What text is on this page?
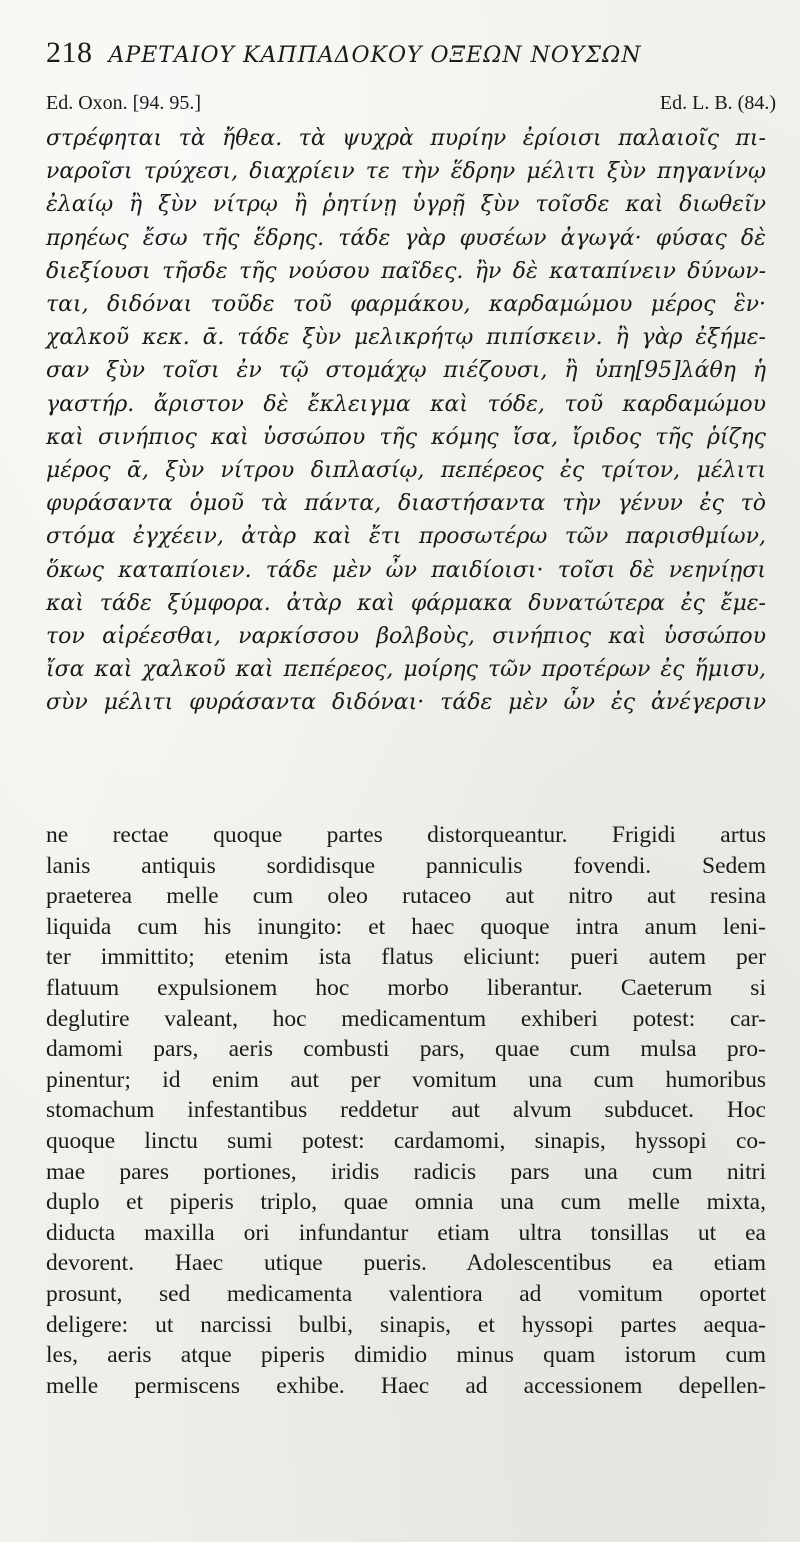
218 ΑΡΕΤΑΙΟΥ ΚΑΠΠΑΔΟΚΟΥ ΟΞΕΩΝ ΝΟΥΣΩΝ
Ed. Oxon. [94. 95.]	Ed. L. B. (84.)
στρέφηται τὰ ἤθεα. τὰ ψυχρὰ πυρίην ἐρίοισι παλαιοῖς πι-
ναροῖσι τρύχεσι, διαχρίειν τε τὴν ἕδρην μέλιτι ξὺν πηγανίνῳ
ἐλαίῳ ἢ ξὺν νίτρῳ ἢ ῥητίνῃ ὑγρῇ ξὺν τοῖσδε καὶ διωθεῖν
πρηέως ἔσω τῆς ἕδρης. τάδε γὰρ φυσέων ἀγωγά· φύσας δὲ
διεξίουσι τῆσδε τῆς νούσου παῖδες. ἢν δὲ καταπίνειν δύνων-
ται, διδόναι τοῦδε τοῦ φαρμάκου, καρδαμώμου μέρος ἓν·
χαλκοῦ κεκ. ᾱ. τάδε ξὺν μελικρήτῳ πιπίσκειν. ἢ γὰρ ἐξήμε-
σαν ξὺν τοῖσι ἐν τῷ στομάχῳ πιέζουσι, ἢ ὑπη[95]λάθη ἡ
γαστήρ. ἄριστον δὲ ἔκλειγμα καὶ τόδε, τοῦ καρδαμώμου
καὶ σινήπιος καὶ ὑσσώπου τῆς κόμης ἴσα, ἴριδος τῆς ῥίζης
μέρος ᾱ, ξὺν νίτρου διπλασίῳ, πεπέρεος ἐς τρίτον, μέλιτι
φυράσαντα ὁμοῦ τὰ πάντα, διαστήσαντα τὴν γένυν ἐς τὸ
στόμα ἐγχέειν, ἀτὰρ καὶ ἔτι προσωτέρω τῶν παρισθμίων,
ὅκως καταπίοιεν. τάδε μὲν ὦν παιδίοισι· τοῖσι δὲ νεηνίῃσι
καὶ τάδε ξύμφορα. ἀτὰρ καὶ φάρμακα δυνατώτερα ἐς ἔμε-
τον αἱρέεσθαι, ναρκίσσου βολβοὺς, σινήπιος καὶ ὑσσώπου
ἴσα καὶ χαλκοῦ καὶ πεπέρεος, μοίρης τῶν προτέρων ἐς ἥμισυ,
σὺν μέλιτι φυράσαντα διδόναι· τάδε μὲν ὦν ἐς ἀνέγερσιν
ne rectae quoque partes distorqueantur. Frigidi artus
lanis antiquis sordidisque panniculis fovendi. Sedem
praeterea melle cum oleo rutaceo aut nitro aut resina
liquida cum his inungito: et haec quoque intra anum leni-
ter immittito; etenim ista flatus eliciunt: pueri autem per
flatuum expulsionem hoc morbo liberantur. Caeterum si
deglutire valeant, hoc medicamentum exhiberi potest: car-
damomi pars, aeris combusti pars, quae cum mulsa pro-
pinentur; id enim aut per vomitum una cum humoribus
stomachum infestantibus reddetur aut alvum subducet. Hoc
quoque linctu sumi potest: cardamomi, sinapis, hyssopi co-
mae pares portiones, iridis radicis pars una cum nitri
duplo et piperis triplo, quae omnia una cum melle mixta,
diducta maxilla ori infundantur etiam ultra tonsillas ut ea
devorent. Haec utique pueris. Adolescentibus ea etiam
prosunt, sed medicamenta valentiora ad vomitum oportet
deligere: ut narcissi bulbi, sinapis, et hyssopi partes aequa-
les, aeris atque piperis dimidio minus quam istorum cum
melle permiscens exhibe. Haec ad accessionem depellen-
